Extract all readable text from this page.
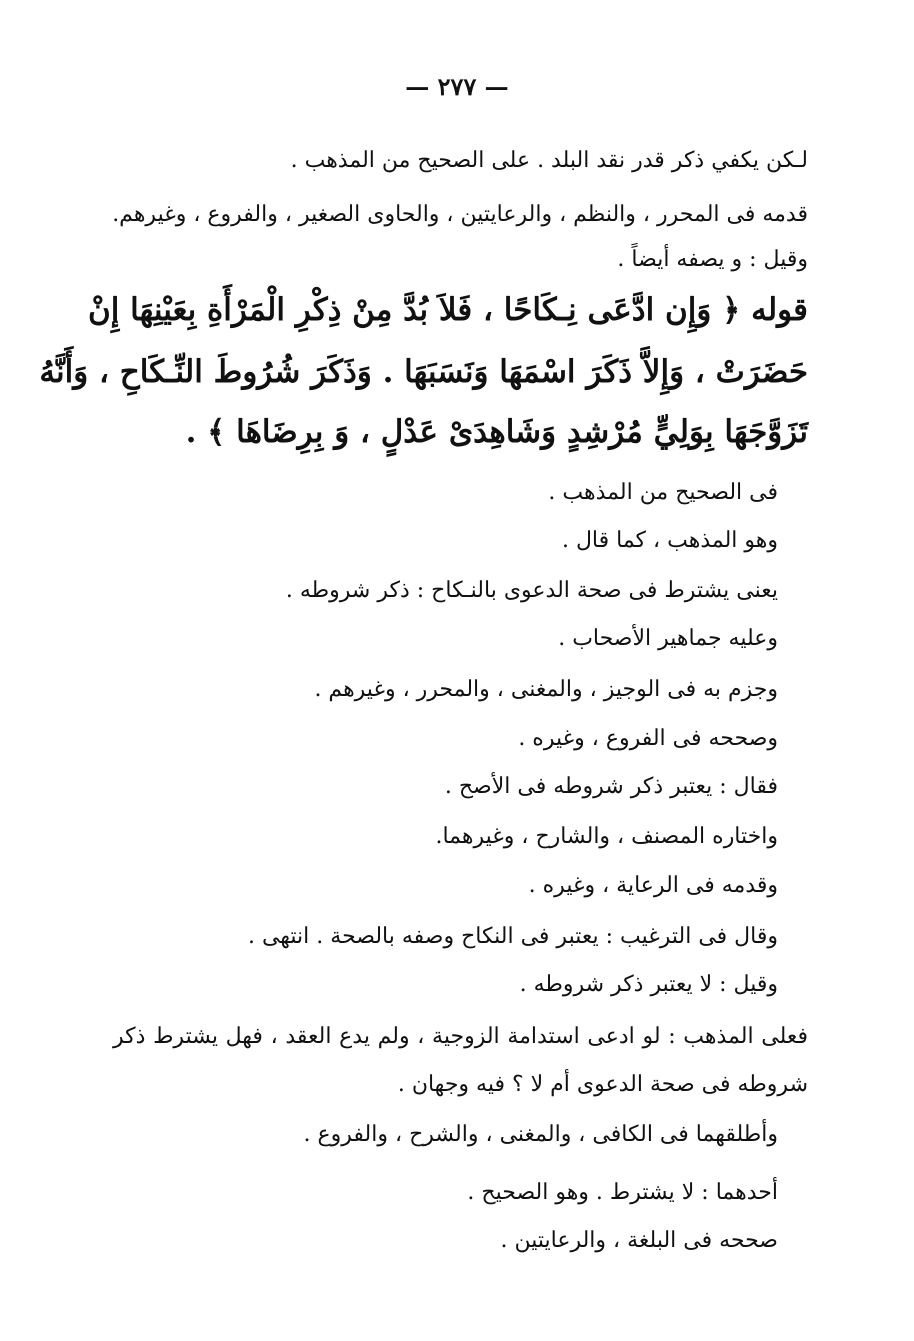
— ٢٧٧ —
لـكن يكفي ذكر قدر نقد البلد . على الصحيح من المذهب .
قدمه فى المحرر ، والنظم ، والرعايتين ، والحاوى الصغير ، والفروع ، وغيرهم.
وقيل : و يصفه أيضاً .
قوله ﴿ وَإِن ادَّعَى نِـكَاحًا ، فَلاَ بُدَّ مِنْ ذِكْرِ الْمَرْأَةِ بِعَيْنِهَا إِنْ
حَضَرَتْ ، وَإِلاَّ ذَكَرَ اسْمَهَا وَنَسَبَهَا . وَذَكَرَ شُرُوطَ النِّـكَاحِ ، وَأَنَّهُ
تَزَوَّجَهَا بِوَلِيٍّ مُرْشِدٍ وَشَاهِدَىْ عَدْلٍ ، وَ بِرِضَاهَا ﴾ .
فى الصحيح من المذهب .
وهو المذهب ، كما قال .
يعنى يشترط فى صحة الدعوى بالنـكاح : ذكر شروطه .
وعليه جماهير الأصحاب .
وجزم به فى الوجيز ، والمغنى ، والمحرر ، وغيرهم .
وصححه فى الفروع ، وغيره .
فقال : يعتبر ذكر شروطه فى الأصح .
واختاره المصنف ، والشارح ، وغيرهما.
وقدمه فى الرعاية ، وغيره .
وقال فى الترغيب : يعتبر فى النكاح وصفه بالصحة . انتهى .
وقيل : لا يعتبر ذكر شروطه .
فعلى المذهب : لو ادعى استدامة الزوجية ، ولم يدع العقد ، فهل يشترط ذكر
شروطه فى صحة الدعوى أم لا ؟ فيه وجهان .
وأطلقهما فى الكافى ، والمغنى ، والشرح ، والفروع .
أحدهما : لا يشترط . وهو الصحيح .
صححه فى البلغة ، والرعايتين .
